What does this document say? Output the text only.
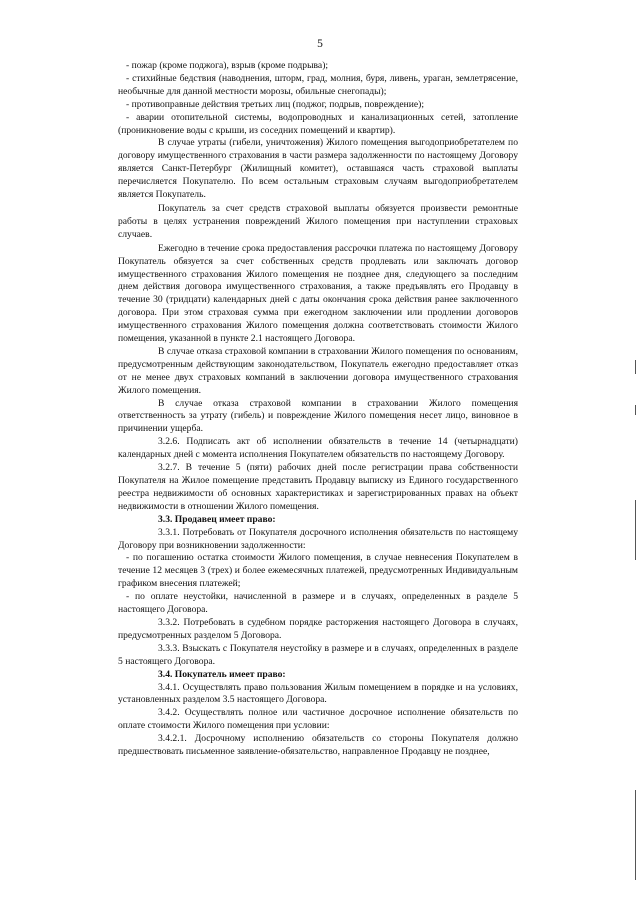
5

- пожар (кроме поджога), взрыв (кроме подрыва);

- стихийные бедствия (наводнения, шторм, град, молния, буря, ливень, ураган, землетрясение, необычные для данной местности морозы, обильные снегопады);

- противоправные действия третьих лиц (поджог, подрыв, повреждение);

- аварии отопительной системы, водопроводных и канализационных сетей, затопление (проникновение воды с крыши, из соседних помещений и квартир).

В случае утраты (гибели, уничтожения) Жилого помещения выгодоприобретателем по договору имущественного страхования в части размера задолженности по настоящему Договору является Санкт-Петербург (Жилищный комитет), оставшаяся часть страховой выплаты перечисляется Покупателю. По всем остальным страховым случаям выгодоприобретателем является Покупатель.

Покупатель за счет средств страховой выплаты обязуется произвести ремонтные работы в целях устранения повреждений Жилого помещения при наступлении страховых случаев.

Ежегодно в течение срока предоставления рассрочки платежа по настоящему Договору Покупатель обязуется за счет собственных средств продлевать или заключать договор имущественного страхования Жилого помещения не позднее дня, следующего за последним днем действия договора имущественного страхования, а также предъявлять его Продавцу в течение 30 (тридцати) календарных дней с даты окончания срока действия ранее заключенного договора. При этом страховая сумма при ежегодном заключении или продлении договоров имущественного страхования Жилого помещения должна соответствовать стоимости Жилого помещения, указанной в пункте 2.1 настоящего Договора.

В случае отказа страховой компании в страховании Жилого помещения по основаниям, предусмотренным действующим законодательством, Покупатель ежегодно предоставляет отказ от не менее двух страховых компаний в заключении договора имущественного страхования Жилого помещения.

В случае отказа страховой компании в страховании Жилого помещения ответственность за утрату (гибель) и повреждение Жилого помещения несет лицо, виновное в причинении ущерба.

3.2.6. Подписать акт об исполнении обязательств в течение 14 (четырнадцати) календарных дней с момента исполнения Покупателем обязательств по настоящему Договору.

3.2.7. В течение 5 (пяти) рабочих дней после регистрации права собственности Покупателя на Жилое помещение представить Продавцу выписку из Единого государственного реестра недвижимости об основных характеристиках и зарегистрированных правах на объект недвижимости в отношении Жилого помещения.

3.3. Продавец имеет право:

3.3.1. Потребовать от Покупателя досрочного исполнения обязательств по настоящему Договору при возникновении задолженности:

- по погашению остатка стоимости Жилого помещения, в случае невнесения Покупателем в течение 12 месяцев 3 (трех) и более ежемесячных платежей, предусмотренных Индивидуальным графиком внесения платежей;

- по оплате неустойки, начисленной в размере и в случаях, определенных в разделе 5 настоящего Договора.

3.3.2. Потребовать в судебном порядке расторжения настоящего Договора в случаях, предусмотренных разделом 5 Договора.

3.3.3. Взыскать с Покупателя неустойку в размере и в случаях, определенных в разделе 5 настоящего Договора.

3.4. Покупатель имеет право:

3.4.1. Осуществлять право пользования Жилым помещением в порядке и на условиях, установленных разделом 3.5 настоящего Договора.

3.4.2. Осуществлять полное или частичное досрочное исполнение обязательств по оплате стоимости Жилого помещения при условии:

3.4.2.1. Досрочному исполнению обязательств со стороны Покупателя должно предшествовать письменное заявление-обязательство, направленное Продавцу не позднее,
